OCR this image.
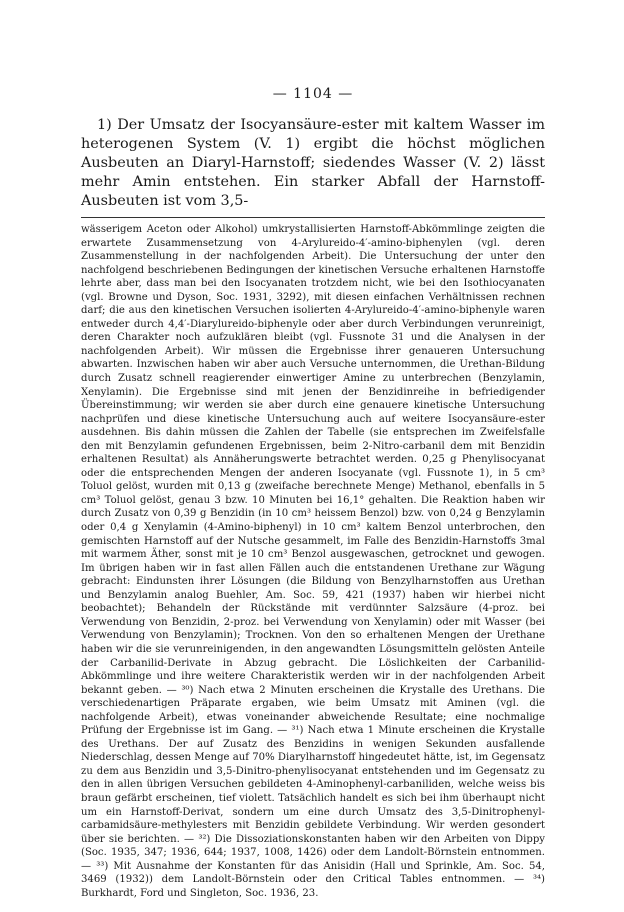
— 1104 —

1) Der Umsatz der Isocyansäure-ester mit kaltem Wasser im heterogenen System (V. 1) ergibt die höchst möglichen Ausbeuten an Diaryl-Harnstoff; siedendes Wasser (V. 2) lässt mehr Amin entstehen. Ein starker Abfall der Harnstoff-Ausbeuten ist vom 3,5-

wässerigem Aceton oder Alkohol) umkrystallisierten Harnstoff-Abkömmlinge zeigten die erwartete Zusammensetzung von 4-Arylureido-4′-amino-biphenylen (vgl. deren Zusammenstellung in der nachfolgenden Arbeit). Die Untersuchung der unter den nachfolgend beschriebenen Bedingungen der kinetischen Versuche erhaltenen Harnstoffe lehrte aber, dass man bei den Isocyanaten trotzdem nicht, wie bei den Isothiocyanaten (vgl. Browne und Dyson, Soc. 1931, 3292), mit diesen einfachen Verhältnissen rechnen darf; die aus den kinetischen Versuchen isolierten 4-Arylureido-4′-amino-biphenyle waren entweder durch 4,4′-Diarylureido-biphenyle oder aber durch Verbindungen verunreinigt, deren Charakter noch aufzuklären bleibt (vgl. Fussnote 31 und die Analysen in der nachfolgenden Arbeit). Wir müssen die Ergebnisse ihrer genaueren Untersuchung abwarten. Inzwischen haben wir aber auch Versuche unternommen, die Urethan-Bildung durch Zusatz schnell reagierender einwertiger Amine zu unterbrechen (Benzylamin, Xenylamin). Die Ergebnisse sind mit jenen der Benzidinreihe in befriedigender Übereinstimmung; wir werden sie aber durch eine genauere kinetische Untersuchung nachprüfen und diese kinetische Untersuchung auch auf weitere Isocyansäure-ester ausdehnen. Bis dahin müssen die Zahlen der Tabelle (sie entsprechen im Zweifelsfalle den mit Benzylamin gefundenen Ergebnissen, beim 2-Nitro-carbanil dem mit Benzidin erhaltenen Resultat) als Annäherungswerte betrachtet werden. 0,25 g Phenylisocyanat oder die entsprechenden Mengen der anderen Isocyanate (vgl. Fussnote 1), in 5 cm³ Toluol gelöst, wurden mit 0,13 g (zweifache berechnete Menge) Methanol, ebenfalls in 5 cm³ Toluol gelöst, genau 3 bzw. 10 Minuten bei 16,1° gehalten. Die Reaktion haben wir durch Zusatz von 0,39 g Benzidin (in 10 cm³ heissem Benzol) bzw. von 0,24 g Benzylamin oder 0,4 g Xenylamin (4-Amino-biphenyl) in 10 cm³ kaltem Benzol unterbrochen, den gemischten Harnstoff auf der Nutsche gesammelt, im Falle des Benzidin-Harnstoffs 3mal mit warmem Äther, sonst mit je 10 cm³ Benzol ausgewaschen, getrocknet und gewogen. Im übrigen haben wir in fast allen Fällen auch die entstandenen Urethane zur Wägung gebracht: Eindunsten ihrer Lösungen (die Bildung von Benzylharnstoffen aus Urethan und Benzylamin analog Buehler, Am. Soc. 59, 421 (1937) haben wir hierbei nicht beobachtet); Behandeln der Rückstände mit verdünnter Salzsäure (4-proz. bei Verwendung von Benzidin, 2-proz. bei Verwendung von Xenylamin) oder mit Wasser (bei Verwendung von Benzylamin); Trocknen. Von den so erhaltenen Mengen der Urethane haben wir die sie verunreinigenden, in den angewandten Lösungsmitteln gelösten Anteile der Carbanilid-Derivate in Abzug gebracht. Die Löslichkeiten der Carbanilid-Abkömmlinge und ihre weitere Charakteristik werden wir in der nachfolgenden Arbeit bekannt geben. — ³⁰) Nach etwa 2 Minuten erscheinen die Krystalle des Urethans. Die verschiedenartigen Präparate ergaben, wie beim Umsatz mit Aminen (vgl. die nachfolgende Arbeit), etwas voneinander abweichende Resultate; eine nochmalige Prüfung der Ergebnisse ist im Gang. — ³¹) Nach etwa 1 Minute erscheinen die Krystalle des Urethans. Der auf Zusatz des Benzidins in wenigen Sekunden ausfallende Niederschlag, dessen Menge auf 70% Diarylharnstoff hingedeutet hätte, ist, im Gegensatz zu dem aus Benzidin und 3,5-Dinitro-phenylisocyanat entstehenden und im Gegensatz zu den in allen übrigen Versuchen gebildeten 4-Aminophenyl-carbaniliden, welche weiss bis braun gefärbt erscheinen, tief violett. Tatsächlich handelt es sich bei ihm überhaupt nicht um ein Harnstoff-Derivat, sondern um eine durch Umsatz des 3,5-Dinitrophenyl-carbamidsäure-methylesters mit Benzidin gebildete Verbindung. Wir werden gesondert über sie berichten. — ³²) Die Dissoziationskonstanten haben wir den Arbeiten von Dippy (Soc. 1935, 347; 1936, 644; 1937, 1008, 1426) oder dem Landolt-Börnstein entnommen. — ³³) Mit Ausnahme der Konstanten für das Anisidin (Hall und Sprinkle, Am. Soc. 54, 3469 (1932)) dem Landolt-Börnstein oder den Critical Tables entnommen. — ³⁴) Burkhardt, Ford und Singleton, Soc. 1936, 23.
